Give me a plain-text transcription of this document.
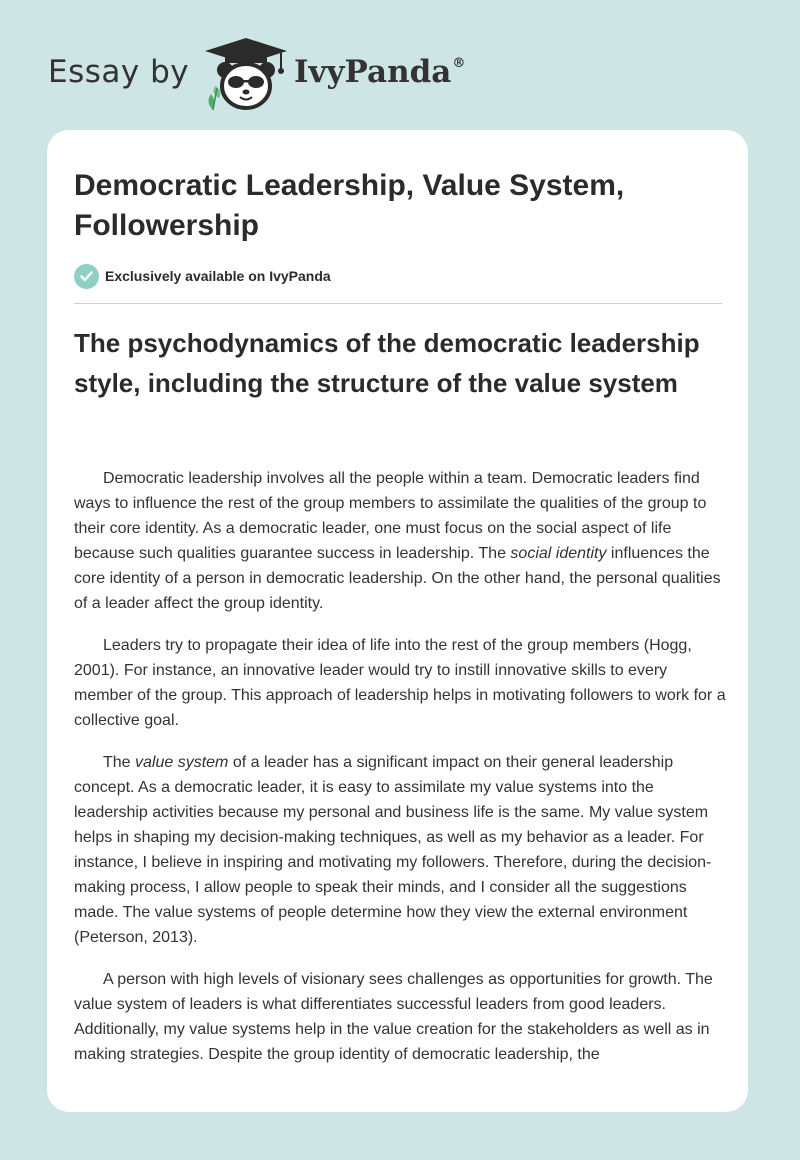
Essay by	IvyPanda®
Democratic Leadership, Value System, Followership
Exclusively available on IvyPanda
The psychodynamics of the democratic leadership style, including the structure of the value system

Democratic leadership involves all the people within a team. Democratic leaders find ways to influence the rest of the group members to assimilate the qualities of the group to their core identity. As a democratic leader, one must focus on the social aspect of life because such qualities guarantee success in leadership. The social identity influences the core identity of a person in democratic leadership. On the other hand, the personal qualities of a leader affect the group identity.

Leaders try to propagate their idea of life into the rest of the group members (Hogg, 2001). For instance, an innovative leader would try to instill innovative skills to every member of the group. This approach of leadership helps in motivating followers to work for a collective goal.

The value system of a leader has a significant impact on their general leadership concept. As a democratic leader, it is easy to assimilate my value systems into the leadership activities because my personal and business life is the same. My value system helps in shaping my decision-making techniques, as well as my behavior as a leader. For instance, I believe in inspiring and motivating my followers. Therefore, during the decision-making process, I allow people to speak their minds, and I consider all the suggestions made. The value systems of people determine how they view the external environment (Peterson, 2013).

A person with high levels of visionary sees challenges as opportunities for growth. The value system of leaders is what differentiates successful leaders from good leaders. Additionally, my value systems help in the value creation for the stakeholders as well as in making strategies. Despite the group identity of democratic leadership, the
